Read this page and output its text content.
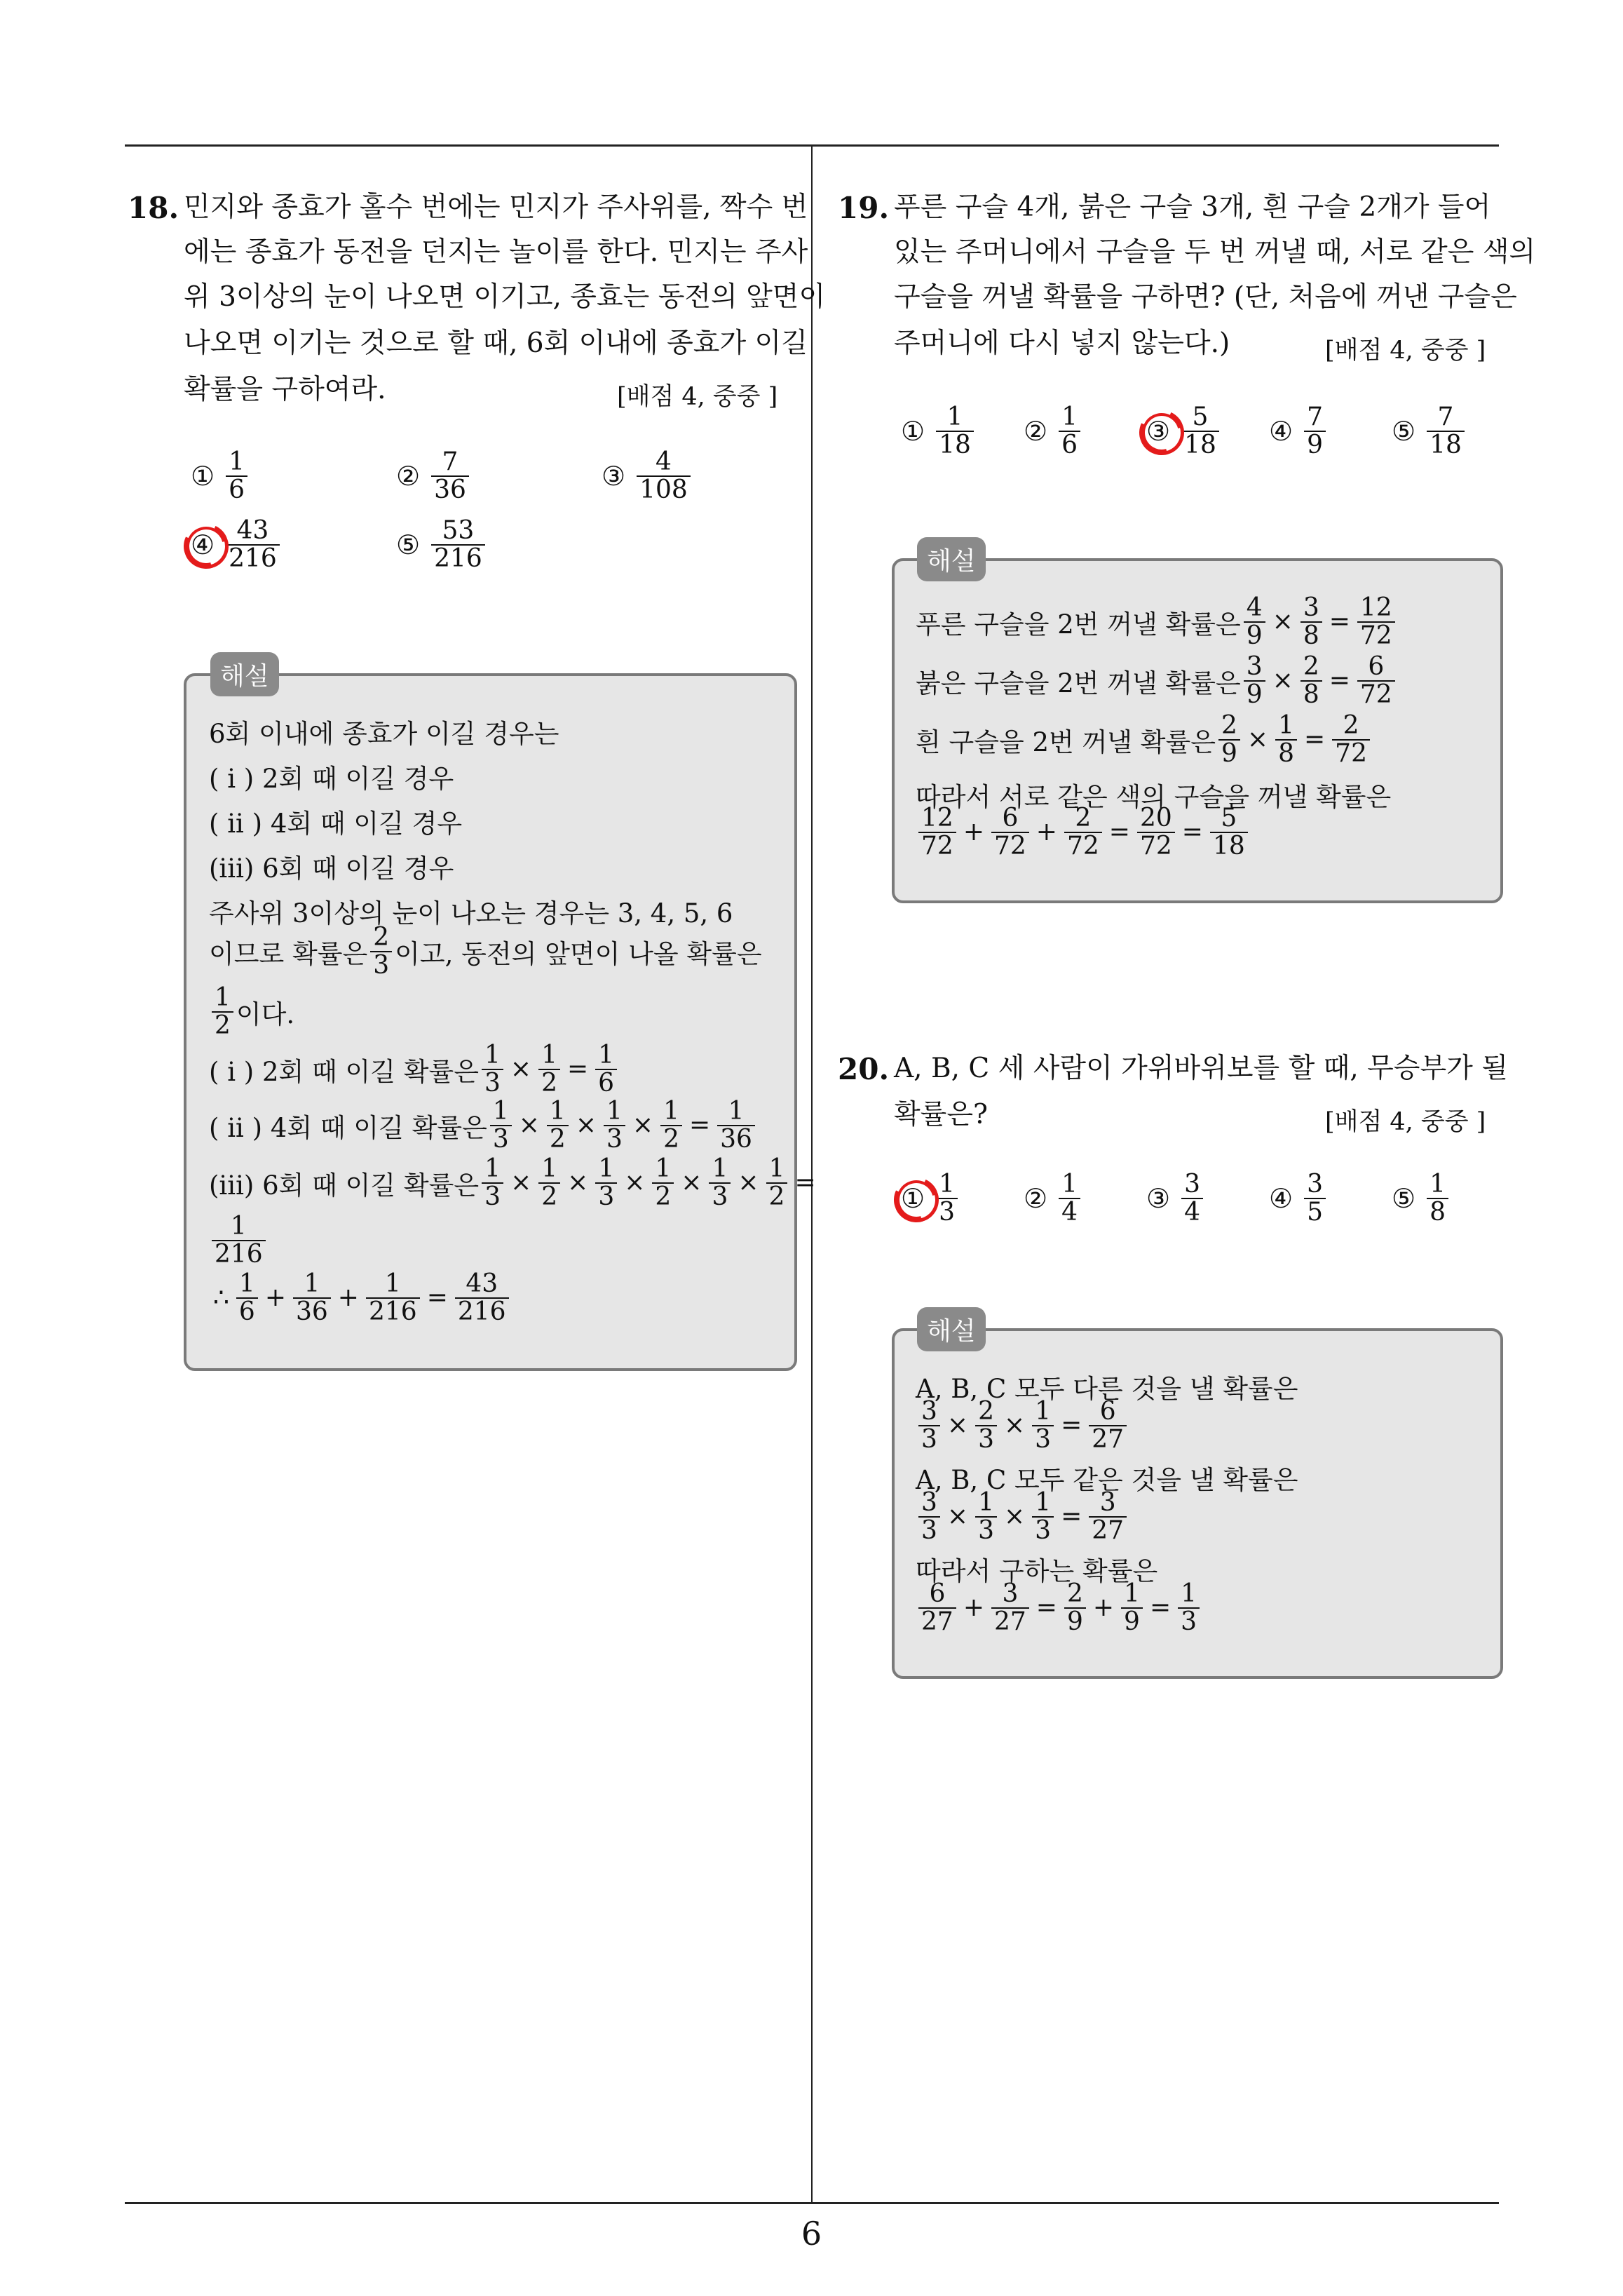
6
18. 민지와 종효가 홀수 번에는 민지가 주사위를, 짝수 번
에는 종효가 동전을 던지는 놀이를 한다. 민지는 주사
위 3이상의 눈이 나오면 이기고, 종효는 동전의 앞면이
나오면 이기는 것으로 할 때, 6회 이내에 종효가 이길
확률을 구하여라.	[배점 4, 중중 ]
① $\frac{1}{6}$	② $\frac{7}{36}$	③ $\frac{4}{108}$
④ $\frac{43}{216}$	⑤ $\frac{53}{216}$
해설
6회 이내에 종효가 이길 경우는
( i ) 2회 때 이길 경우
( ii ) 4회 때 이길 경우
(iii) 6회 때 이길 경우
주사위 3이상의 눈이 나오는 경우는 3, 4, 5, 6
이므로 확률은 $\frac{2}{3}$ 이고, 동전의 앞면이 나올 확률은
$\frac{1}{2}$ 이다.
( i ) 2회 때 이길 확률은 $\frac{1}{3} \times \frac{1}{2} = \frac{1}{6}$
( ii ) 4회 때 이길 확률은 $\frac{1}{3} \times \frac{1}{2} \times \frac{1}{3} \times \frac{1}{2} = \frac{1}{36}$
(iii) 6회 때 이길 확률은 $\frac{1}{3} \times \frac{1}{2} \times \frac{1}{3} \times \frac{1}{2} \times \frac{1}{3} \times \frac{1}{2}$ =
$\frac{1}{216}$
∴ $\frac{1}{6} + \frac{1}{36} + \frac{1}{216} = \frac{43}{216}$
19. 푸른 구슬 4개, 붉은 구슬 3개, 흰 구슬 2개가 들어
있는 주머니에서 구슬을 두 번 꺼낼 때, 서로 같은 색의
구슬을 꺼낼 확률을 구하면? (단, 처음에 꺼낸 구슬은
주머니에 다시 넣지 않는다.)	[배점 4, 중중 ]
① $\frac{1}{18}$ ② $\frac{1}{6}$ ③ $\frac{5}{18}$ ④ $\frac{7}{9}$ ⑤ $\frac{7}{18}$
해설
푸른 구슬을 2번 꺼낼 확률은 $\frac{4}{9} \times \frac{3}{8} = \frac{12}{72}$
붉은 구슬을 2번 꺼낼 확률은 $\frac{3}{9} \times \frac{2}{8} = \frac{6}{72}$
흰 구슬을 2번 꺼낼 확률은 $\frac{2}{9} \times \frac{1}{8} = \frac{2}{72}$
따라서 서로 같은 색의 구슬을 꺼낼 확률은
$\frac{12}{72} + \frac{6}{72} + \frac{2}{72} = \frac{20}{72} = \frac{5}{18}$
20. A, B, C 세 사람이 가위바위보를 할 때, 무승부가 될
확률은?	[배점 4, 중중 ]
① $\frac{1}{3}$ ② $\frac{1}{4}$ ③ $\frac{3}{4}$ ④ $\frac{3}{5}$ ⑤ $\frac{1}{8}$
해설
A, B, C 모두 다른 것을 낼 확률은
$\frac{3}{3} \times \frac{2}{3} \times \frac{1}{3} = \frac{6}{27}$
A, B, C 모두 같은 것을 낼 확률은
$\frac{3}{3} \times \frac{1}{3} \times \frac{1}{3} = \frac{3}{27}$
따라서 구하는 확률은
$\frac{6}{27} + \frac{3}{27} = \frac{2}{9} + \frac{1}{9} = \frac{1}{3}$
